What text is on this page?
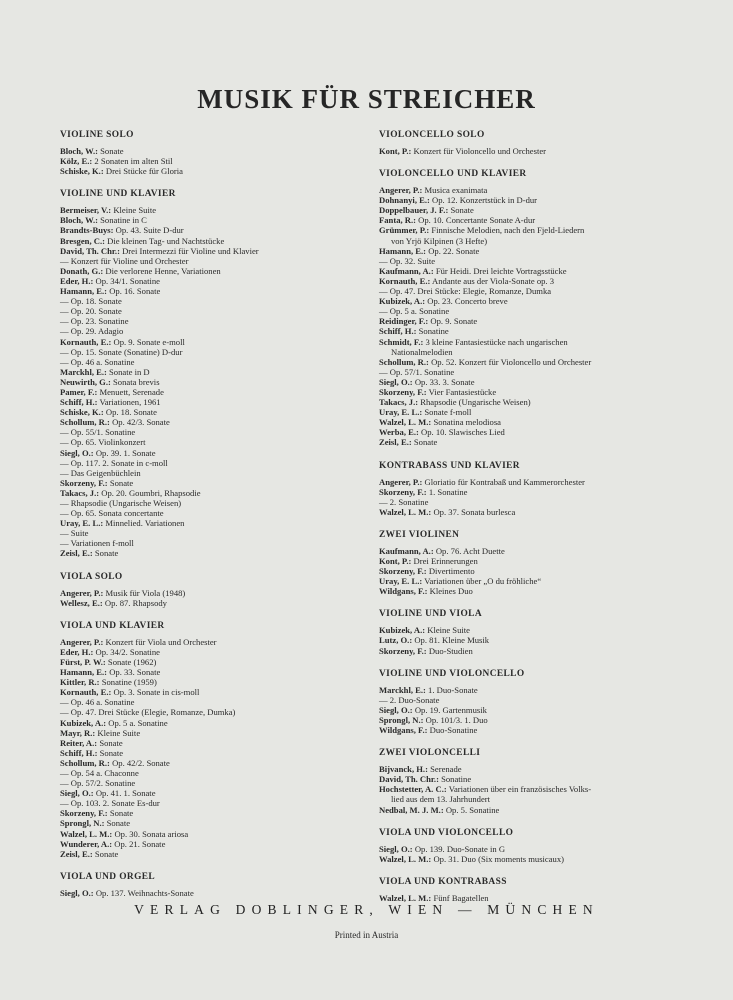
MUSIK FÜR STREICHER
VIOLINE SOLO
Bloch, W.: Sonate
Kölz, E.: 2 Sonaten im alten Stil
Schiske, K.: Drei Stücke für Gloria
VIOLINE UND KLAVIER
Bermeiser, V.: Kleine Suite
Bloch, W.: Sonatine in C
Brandts-Buys: Op. 43. Suite D-dur
Bresgen, C.: Die kleinen Tag- und Nachtstücke
David, Th. Chr.: Drei Intermezzi für Violine und Klavier
— Konzert für Violine und Orchester
Donath, G.: Die verlorene Henne, Variationen
Eder, H.: Op. 34/1. Sonatine
Hamann, E.: Op. 16. Sonate
— Op. 18. Sonate
— Op. 20. Sonate
— Op. 23. Sonatine
— Op. 29. Adagio
Kornauth, E.: Op. 9. Sonate e-moll
— Op. 15. Sonate (Sonatine) D-dur
— Op. 46 a. Sonatine
Marckhl, E.: Sonate in D
Neuwirth, G.: Sonata brevis
Pamer, F.: Menuett, Serenade
Schiff, H.: Variationen, 1961
Schiske, K.: Op. 18. Sonate
Schollum, R.: Op. 42/3. Sonate
— Op. 55/1. Sonatine
— Op. 65. Violinkonzert
Siegl, O.: Op. 39. 1. Sonate
— Op. 117. 2. Sonate in c-moll
— Das Geigenbüchlein
Skorzeny, F.: Sonate
Takacs, J.: Op. 20. Goumbri, Rhapsodie
— Rhapsodie (Ungarische Weisen)
— Op. 65. Sonata concertante
Uray, E. L.: Minnelied. Variationen
— Suite
— Variationen f-moll
Zeisl, E.: Sonate
VIOLA SOLO
Angerer, P.: Musik für Viola (1948)
Wellesz, E.: Op. 87. Rhapsody
VIOLA UND KLAVIER
Angerer, P.: Konzert für Viola und Orchester
Eder, H.: Op. 34/2. Sonatine
Fürst, P. W.: Sonate (1962)
Hamann, E.: Op. 33. Sonate
Kittler, R.: Sonatine (1959)
Kornauth, E.: Op. 3. Sonate in cis-moll
— Op. 46 a. Sonatine
— Op. 47. Drei Stücke (Elegie, Romanze, Dumka)
Kubizek, A.: Op. 5 a. Sonatine
Mayr, R.: Kleine Suite
Reiter, A.: Sonate
Schiff, H.: Sonate
Schollum, R.: Op. 42/2. Sonate
— Op. 54 a. Chaconne
— Op. 57/2. Sonatine
Siegl, O.: Op. 41. 1. Sonate
— Op. 103. 2. Sonate Es-dur
Skorzeny, F.: Sonate
Sprongl, N.: Sonate
Walzel, L. M.: Op. 30. Sonata ariosa
Wunderer, A.: Op. 21. Sonate
Zeisl, E.: Sonate
VIOLA UND ORGEL
Siegl, O.: Op. 137. Weihnachts-Sonate
VIOLONCELLO SOLO
Kont, P.: Konzert für Violoncello und Orchester
VIOLONCELLO UND KLAVIER
Angerer, P.: Musica exanimata
Dohnanyi, E.: Op. 12. Konzertstück in D-dur
Doppelbauer, J. F.: Sonate
Fanta, R.: Op. 10. Concertante Sonate A-dur
Grümmer, P.: Finnische Melodien, nach den Fjeld-Liedern
von Yrjö Kilpinen (3 Hefte)
Hamann, E.: Op. 22. Sonate
— Op. 32. Suite
Kaufmann, A.: Für Heidi. Drei leichte Vortragsstücke
Kornauth, E.: Andante aus der Viola-Sonate op. 3
— Op. 47. Drei Stücke: Elegie, Romanze, Dumka
Kubizek, A.: Op. 23. Concerto breve
— Op. 5 a. Sonatine
Reidinger, F.: Op. 9. Sonate
Schiff, H.: Sonatine
Schmidt, F.: 3 kleine Fantasiestücke nach ungarischen
Nationalmelodien
Schollum, R.: Op. 52. Konzert für Violoncello und Orchester
— Op. 57/1. Sonatine
Siegl, O.: Op. 33. 3. Sonate
Skorzeny, F.: Vier Fantasiestücke
Takacs, J.: Rhapsodie (Ungarische Weisen)
Uray, E. L.: Sonate f-moll
Walzel, L. M.: Sonatina melodiosa
Werba, E.: Op. 10. Slawisches Lied
Zeisl, E.: Sonate
KONTRABASS UND KLAVIER
Angerer, P.: Gloriatio für Kontrabaß und Kammerorchester
Skorzeny, F.: 1. Sonatine
— 2. Sonatine
Walzel, L. M.: Op. 37. Sonata burlesca
ZWEI VIOLINEN
Kaufmann, A.: Op. 76. Acht Duette
Kont, P.: Drei Erinnerungen
Skorzeny, F.: Divertimento
Uray, E. L.: Variationen über „O du fröhliche“
Wildgans, F.: Kleines Duo
VIOLINE UND VIOLA
Kubizek, A.: Kleine Suite
Lutz, O.: Op. 81. Kleine Musik
Skorzeny, F.: Duo-Studien
VIOLINE UND VIOLONCELLO
Marckhl, E.: 1. Duo-Sonate
— 2. Duo-Sonate
Siegl, O.: Op. 19. Gartenmusik
Sprongl, N.: Op. 101/3. 1. Duo
Wildgans, F.: Duo-Sonatine
ZWEI VIOLONCELLI
Bijvanck, H.: Serenade
David, Th. Chr.: Sonatine
Hochstetter, A. C.: Variationen über ein französisches Volks-
lied aus dem 13. Jahrhundert
Nedbal, M. J. M.: Op. 5. Sonatine
VIOLA UND VIOLONCELLO
Siegl, O.: Op. 139. Duo-Sonate in G
Walzel, L. M.: Op. 31. Duo (Six moments musicaux)
VIOLA UND KONTRABASS
Walzel, L. M.: Fünf Bagatellen
VERLAG DOBLINGER, WIEN — MÜNCHEN
Printed in Austria
